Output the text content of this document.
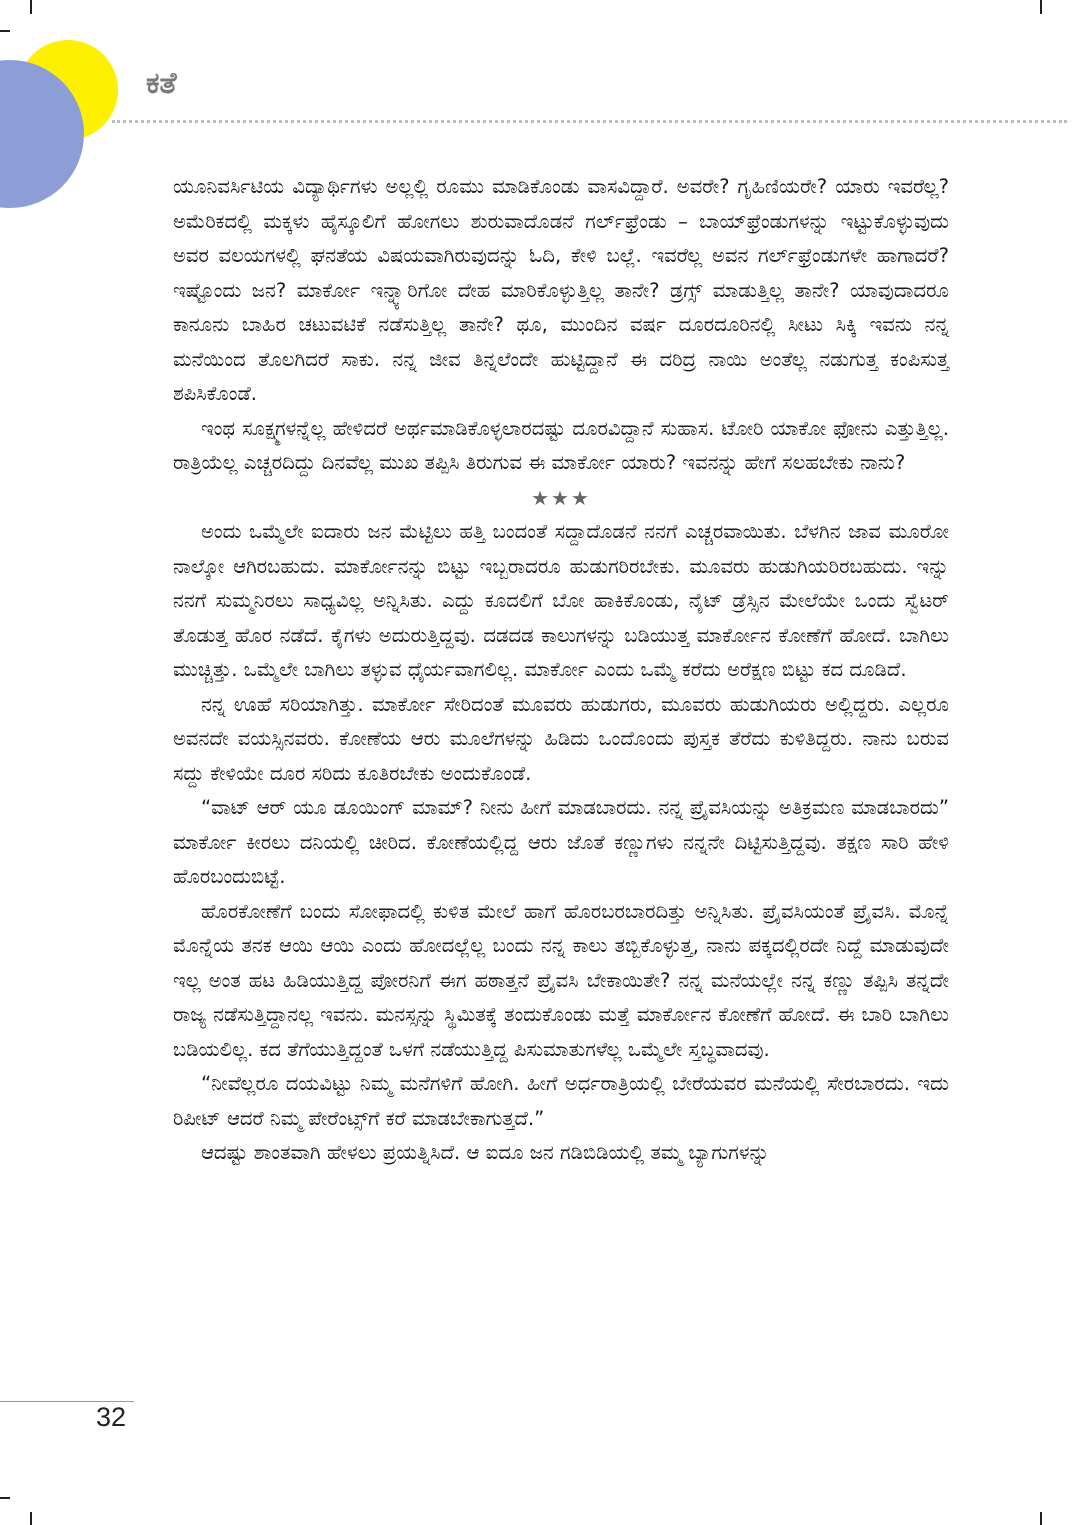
ಕತೆ

ಯೂನಿವರ್ಸಿಟಿಯ ವಿದ್ಯಾರ್ಥಿಗಳು ಅಲ್ಲಲ್ಲಿ ರೂಮು ಮಾಡಿಕೊಂಡು ವಾಸವಿದ್ದಾರೆ. ಅವರೇ? ಗೃಹಿಣಿಯರೇ? ಯಾರು ಇವರೆಲ್ಲ? ಅಮೆರಿಕದಲ್ಲಿ ಮಕ್ಕಳು ಹೈಸ್ಕೂಲಿಗೆ ಹೋಗಲು ಶುರುವಾದೊಡನೆ ಗರ್ಲ್‌ಫ್ರೆಂಡು – ಬಾಯ್‌ಫ್ರೆಂಡುಗಳನ್ನು ಇಟ್ಟುಕೊಳ್ಳುವುದು ಅವರ ವಲಯಗಳಲ್ಲಿ ಘನತೆಯ ವಿಷಯವಾಗಿರುವುದನ್ನು ಓದಿ, ಕೇಳಿ ಬಲ್ಲೆ. ಇವರೆಲ್ಲ ಅವನ ಗರ್ಲ್‌ಫ್ರೆಂಡುಗಳೇ ಹಾಗಾದರೆ? ಇಷ್ಟೊಂದು ಜನ? ಮಾರ್ಕೋ ಇನ್ನ್ಯಾರಿಗೋ ದೇಹ ಮಾರಿಕೊಳ್ಳುತ್ತಿಲ್ಲ ತಾನೇ? ಡ್ರಗ್ಸ್ ಮಾಡುತ್ತಿಲ್ಲ ತಾನೇ? ಯಾವುದಾದರೂ ಕಾನೂನು ಬಾಹಿರ ಚಟುವಟಿಕೆ ನಡೆಸುತ್ತಿಲ್ಲ ತಾನೇ? ಥೂ, ಮುಂದಿನ ವರ್ಷ ದೂರದೂರಿನಲ್ಲಿ ಸೀಟು ಸಿಕ್ಕಿ ಇವನು ನನ್ನ ಮನೆಯಿಂದ ತೊಲಗಿದರೆ ಸಾಕು. ನನ್ನ ಜೀವ ತಿನ್ನಲೆಂದೇ ಹುಟ್ಟಿದ್ದಾನೆ ಈ ದರಿದ್ರ ನಾಯಿ ಅಂತೆಲ್ಲ ನಡುಗುತ್ತ ಕಂಪಿಸುತ್ತ ಶಪಿಸಿಕೊಂಡೆ.

ಇಂಥ ಸೂಕ್ಷ್ಮಗಳನ್ನೆಲ್ಲ ಹೇಳಿದರೆ ಅರ್ಥಮಾಡಿಕೊಳ್ಳಲಾರದಷ್ಟು ದೂರವಿದ್ದಾನೆ ಸುಹಾಸ. ಟೋರಿ ಯಾಕೋ ಫೋನು ಎತ್ತುತ್ತಿಲ್ಲ. ರಾತ್ರಿಯೆಲ್ಲ ಎಚ್ಚರದಿದ್ದು ದಿನವೆಲ್ಲ ಮುಖ ತಪ್ಪಿಸಿ ತಿರುಗುವ ಈ ಮಾರ್ಕೋ ಯಾರು? ಇವನನ್ನು ಹೇಗೆ ಸಲಹಬೇಕು ನಾನು?

★★★

ಅಂದು ಒಮ್ಮೆಲೇ ಐದಾರು ಜನ ಮೆಟ್ಟಿಲು ಹತ್ತಿ ಬಂದಂತೆ ಸದ್ದಾದೊಡನೆ ನನಗೆ ಎಚ್ಚರವಾಯಿತು. ಬೆಳಗಿನ ಜಾವ ಮೂರೋ ನಾಲ್ಕೋ ಆಗಿರಬಹುದು. ಮಾರ್ಕೋನನ್ನು ಬಿಟ್ಟು ಇಬ್ಬರಾದರೂ ಹುಡುಗರಿರಬೇಕು. ಮೂವರು ಹುಡುಗಿಯರಿರಬಹುದು. ಇನ್ನು ನನಗೆ ಸುಮ್ಮನಿರಲು ಸಾಧ್ಯವಿಲ್ಲ ಅನ್ನಿಸಿತು. ಎದ್ದು ಕೂದಲಿಗೆ ಬೋ ಹಾಕಿಕೊಂಡು, ನೈಟ್ ಡ್ರೆಸ್ಸಿನ ಮೇಲೆಯೇ ಒಂದು ಸ್ವೆಟರ್ ತೊಡುತ್ತ ಹೊರ ನಡೆದೆ. ಕೈಗಳು ಅದುರುತ್ತಿದ್ದವು. ದಡದಡ ಕಾಲುಗಳನ್ನು ಬಡಿಯುತ್ತ ಮಾರ್ಕೋನ ಕೋಣೆಗೆ ಹೋದೆ. ಬಾಗಿಲು ಮುಚ್ಚಿತ್ತು. ಒಮ್ಮೆಲೇ ಬಾಗಿಲು ತಳ್ಳುವ ಧೈರ್ಯವಾಗಲಿಲ್ಲ. ಮಾರ್ಕೋ ಎಂದು ಒಮ್ಮೆ ಕರೆದು ಅರೆಕ್ಷಣ ಬಿಟ್ಟು ಕದ ದೂಡಿದೆ.

ನನ್ನ ಊಹೆ ಸರಿಯಾಗಿತ್ತು. ಮಾರ್ಕೋ ಸೇರಿದಂತೆ ಮೂವರು ಹುಡುಗರು, ಮೂವರು ಹುಡುಗಿಯರು ಅಲ್ಲಿದ್ದರು. ಎಲ್ಲರೂ ಅವನದೇ ವಯಸ್ಸಿನವರು. ಕೋಣೆಯ ಆರು ಮೂಲೆಗಳನ್ನು ಹಿಡಿದು ಒಂದೊಂದು ಪುಸ್ತಕ ತೆರೆದು ಕುಳಿತಿದ್ದರು. ನಾನು ಬರುವ ಸದ್ದು ಕೇಳಿಯೇ ದೂರ ಸರಿದು ಕೂತಿರಬೇಕು ಅಂದುಕೊಂಡೆ.

“ವಾಟ್ ಆರ್ ಯೂ ಡೂಯಿಂಗ್ ಮಾಮ್? ನೀನು ಹೀಗೆ ಮಾಡಬಾರದು. ನನ್ನ ಪ್ರೈವಸಿಯನ್ನು ಅತಿಕ್ರಮಣ ಮಾಡಬಾರದು” ಮಾರ್ಕೋ ಕೀರಲು ದನಿಯಲ್ಲಿ ಚೀರಿದ. ಕೋಣೆಯಲ್ಲಿದ್ದ ಆರು ಜೊತೆ ಕಣ್ಣುಗಳು ನನ್ನನೇ ದಿಟ್ಟಿಸುತ್ತಿದ್ದವು. ತಕ್ಷಣ ಸಾರಿ ಹೇಳಿ ಹೊರಬಂದುಬಿಟ್ಟೆ.

ಹೊರಕೋಣೆಗೆ ಬಂದು ಸೋಫಾದಲ್ಲಿ ಕುಳಿತ ಮೇಲೆ ಹಾಗೆ ಹೊರಬರಬಾರದಿತ್ತು ಅನ್ನಿಸಿತು. ಪ್ರೈವಸಿಯಂತೆ ಪ್ರೈವಸಿ. ಮೊನ್ನೆ ಮೊನ್ನೆಯ ತನಕ ಆಯಿ ಆಯಿ ಎಂದು ಹೋದಲ್ಲೆಲ್ಲ ಬಂದು ನನ್ನ ಕಾಲು ತಬ್ಬಿಕೊಳ್ಳುತ್ತ, ನಾನು ಪಕ್ಕದಲ್ಲಿರದೇ ನಿದ್ದೆ ಮಾಡುವುದೇ ಇಲ್ಲ ಅಂತ ಹಟ ಹಿಡಿಯುತ್ತಿದ್ದ ಪೋರನಿಗೆ ಈಗ ಹಠಾತ್ತನೆ ಪ್ರೈವಸಿ ಬೇಕಾಯಿತೇ? ನನ್ನ ಮನೆಯಲ್ಲೇ ನನ್ನ ಕಣ್ಣು ತಪ್ಪಿಸಿ ತನ್ನದೇ ರಾಜ್ಯ ನಡೆಸುತ್ತಿದ್ದಾನಲ್ಲ ಇವನು. ಮನಸ್ಸನ್ನು ಸ್ಥಿಮಿತಕ್ಕೆ ತಂದುಕೊಂಡು ಮತ್ತೆ ಮಾರ್ಕೋನ ಕೋಣೆಗೆ ಹೋದೆ. ಈ ಬಾರಿ ಬಾಗಿಲು ಬಡಿಯಲಿಲ್ಲ. ಕದ ತೆಗೆಯುತ್ತಿದ್ದಂತೆ ಒಳಗೆ ನಡೆಯುತ್ತಿದ್ದ ಪಿಸುಮಾತುಗಳೆಲ್ಲ ಒಮ್ಮೆಲೇ ಸ್ತಬ್ಧವಾದವು.

“ನೀವೆಲ್ಲರೂ ದಯವಿಟ್ಟು ನಿಮ್ಮ ಮನೆಗಳಿಗೆ ಹೋಗಿ. ಹೀಗೆ ಅರ್ಧರಾತ್ರಿಯಲ್ಲಿ ಬೇರೆಯವರ ಮನೆಯಲ್ಲಿ ಸೇರಬಾರದು. ಇದು ರಿಪೀಟ್ ಆದರೆ ನಿಮ್ಮ ಪೇರೆಂಟ್ಸ್‌ಗೆ ಕರೆ ಮಾಡಬೇಕಾಗುತ್ತದೆ.”

ಆದಷ್ಟು ಶಾಂತವಾಗಿ ಹೇಳಲು ಪ್ರಯತ್ನಿಸಿದೆ. ಆ ಐದೂ ಜನ ಗಡಿಬಿಡಿಯಲ್ಲಿ ತಮ್ಮ ಬ್ಯಾಗುಗಳನ್ನು

32
